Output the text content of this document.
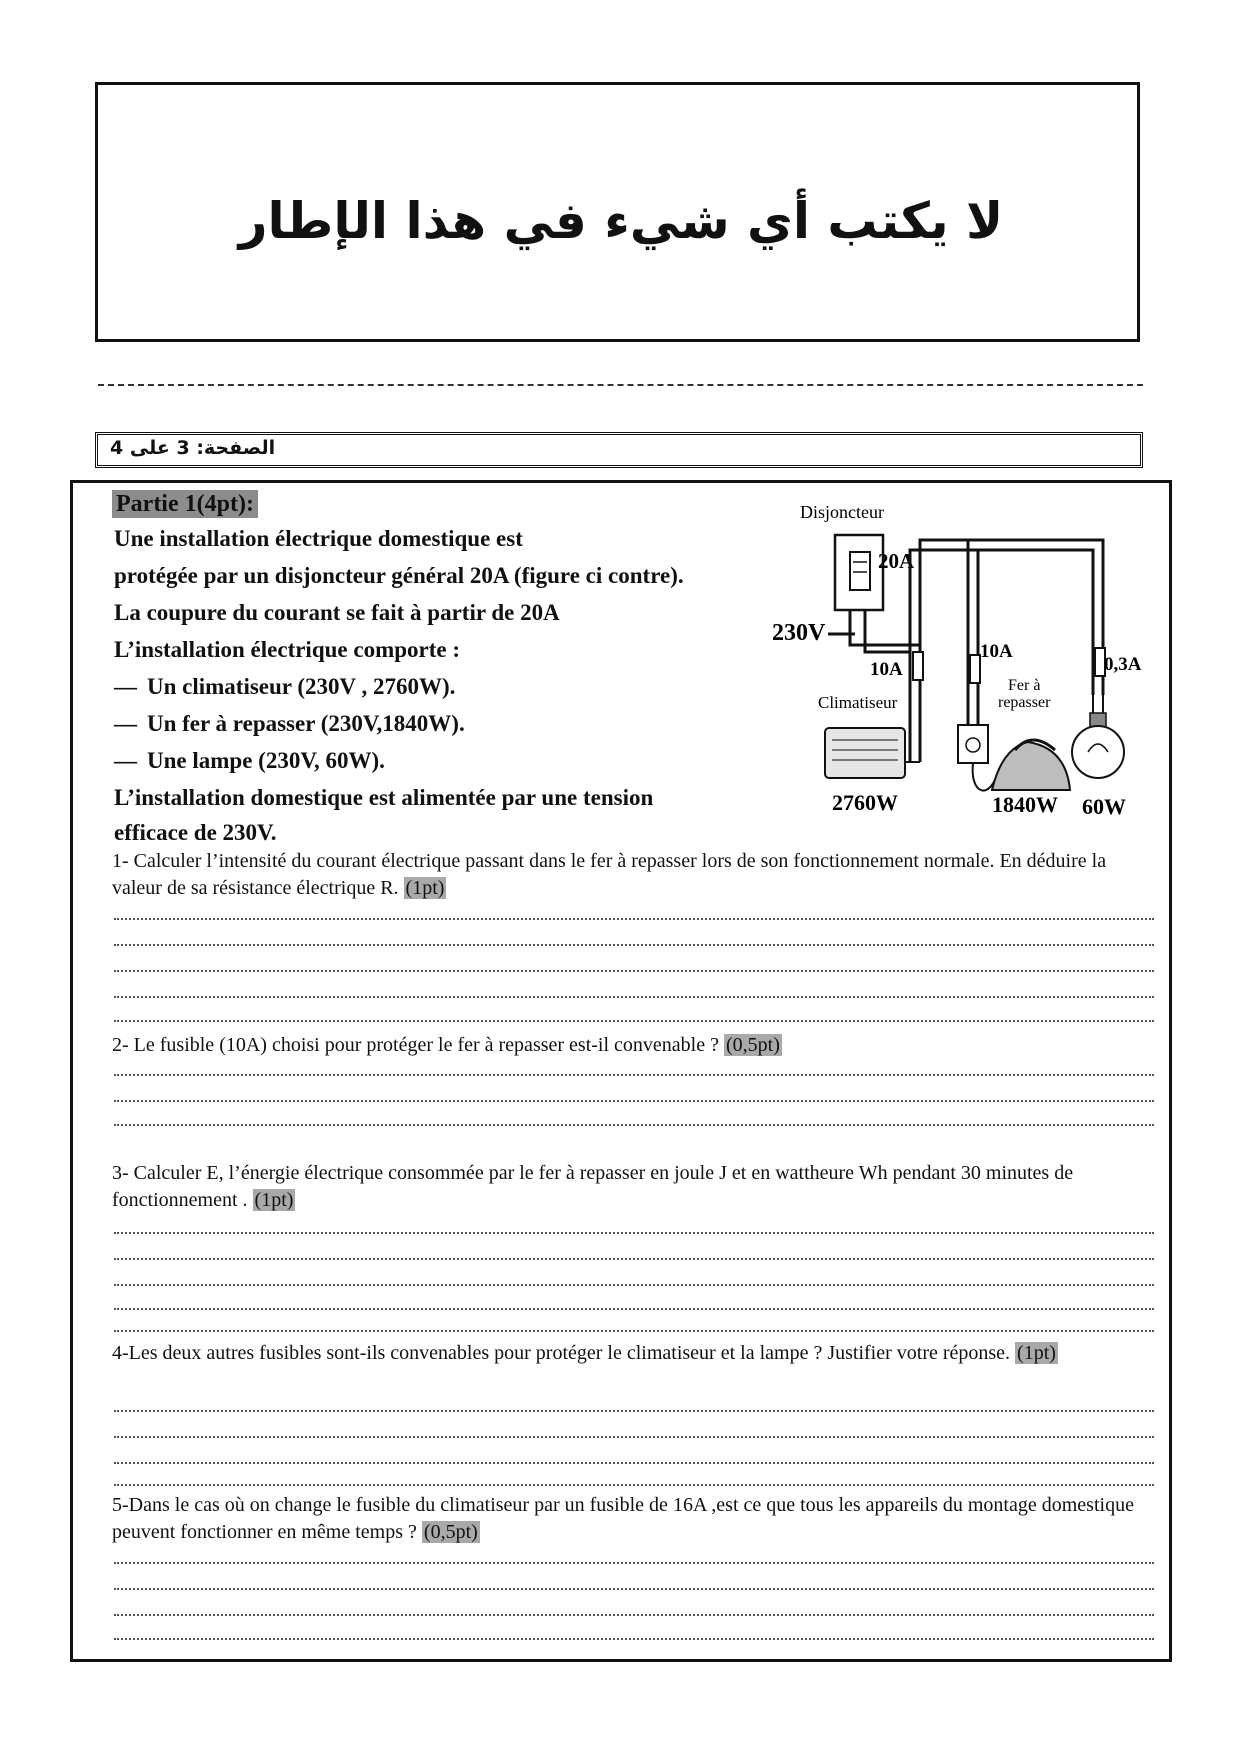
لا يكتب أي شيء في هذا الإطار
الصفحة: 3 على 4
Partie 1(4pt):
Une installation électrique domestique est
protégée par un disjoncteur général 20A (figure ci contre).
La coupure du courant se fait à partir de 20A
L’installation électrique comporte :
— Un climatiseur (230V , 2760W).
— Un fer à repasser (230V,1840W).
— Une lampe (230V, 60W).
L’installation domestique est alimentée par une tension
efficace de 230V.
Disjoncteur
20A
230V
10A
10A
0,3A
Climatiseur
2760W
Fer à
repasser
1840W 60W
1- Calculer l’intensité du courant électrique passant dans le fer à repasser lors de son fonctionnement normale. En déduire la valeur de sa résistance électrique R. (1pt)
2- Le fusible (10A) choisi pour protéger le fer à repasser est-il convenable ? (0,5pt)
3- Calculer E, l’énergie électrique consommée par le fer à repasser en joule J et en wattheure Wh pendant 30 minutes de fonctionnement . (1pt)
4-Les deux autres fusibles sont-ils convenables pour protéger le climatiseur et la lampe ? Justifier votre réponse. (1pt)
5-Dans le cas où on change le fusible du climatiseur par un fusible de 16A ,est ce que tous les appareils du montage domestique peuvent fonctionner en même temps ? (0,5pt)
